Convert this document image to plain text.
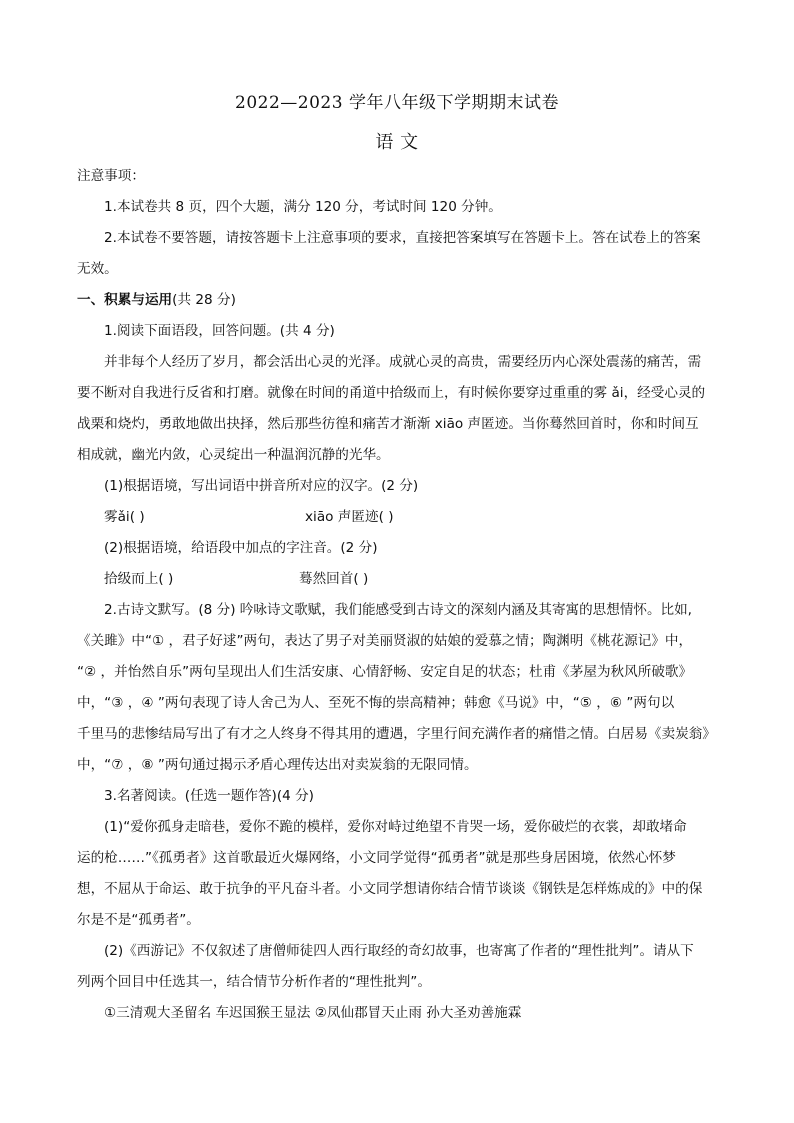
2022—2023 学年八年级下学期期末试卷
语 文
注意事项：
1.本试卷共 8 页，四个大题，满分 120 分，考试时间 120 分钟。
2.本试卷不要答题，请按答题卡上注意事项的要求，直接把答案填写在答题卡上。答在试卷上的答案
无效。
一、积累与运用(共 28 分)
1.阅读下面语段，回答问题。(共 4 分)
并非每个人经历了岁月，都会活出心灵的光泽。成就心灵的高贵，需要经历内心深处震荡的痛苦，需
要不断对自我进行反省和打磨。就像在时间的甬道中拾级而上，有时候你要穿过重重的雾 ǎi，经受心灵的
战栗和烧灼，勇敢地做出抉择，然后那些彷徨和痛苦才渐渐 xiāo 声匿迹。当你蓦然回首时，你和时间互
相成就，幽光内敛，心灵绽出一种温润沉静的光华。
(1)根据语境，写出词语中拼音所对应的汉字。(2 分)
雾ǎi( )	xiāo 声匿迹( )
(2)根据语境，给语段中加点的字注音。(2 分)
拾级而上( )	蓦然回首( )
2.古诗文默写。(8 分) 吟咏诗文歌赋，我们能感受到古诗文的深刻内涵及其寄寓的思想情怀。比如,
《关雎》中“① ，君子好逑”两句，表达了男子对美丽贤淑的姑娘的爱慕之情；陶渊明《桃花源记》中，
“② ，并怡然自乐”两句呈现出人们生活安康、心情舒畅、安定自足的状态；杜甫《茅屋为秋风所破歌》
中，“③ ，④ ”两句表现了诗人舍己为人、至死不悔的崇高精神；韩愈《马说》中，“⑤ ，⑥ ”两句以
千里马的悲惨结局写出了有才之人终身不得其用的遭遇，字里行间充满作者的痛惜之情。白居易《卖炭翁》
中，“⑦ ，⑧ ”两句通过揭示矛盾心理传达出对卖炭翁的无限同情。
3.名著阅读。(任选一题作答)(4 分)
(1)“爱你孤身走暗巷，爱你不跪的模样，爱你对峙过绝望不肯哭一场，爱你破烂的衣裳，却敢堵命
运的枪……”《孤勇者》这首歌最近火爆网络，小文同学觉得“孤勇者”就是那些身居困境，依然心怀梦
想，不屈从于命运、敢于抗争的平凡奋斗者。小文同学想请你结合情节谈谈《钢铁是怎样炼成的》中的保
尔是不是“孤勇者”。
(2)《西游记》不仅叙述了唐僧师徒四人西行取经的奇幻故事，也寄寓了作者的“理性批判”。请从下
列两个回目中任选其一，结合情节分析作者的“理性批判”。
①三清观大圣留名 车迟国猴王显法 ②凤仙郡冒天止雨 孙大圣劝善施霖
